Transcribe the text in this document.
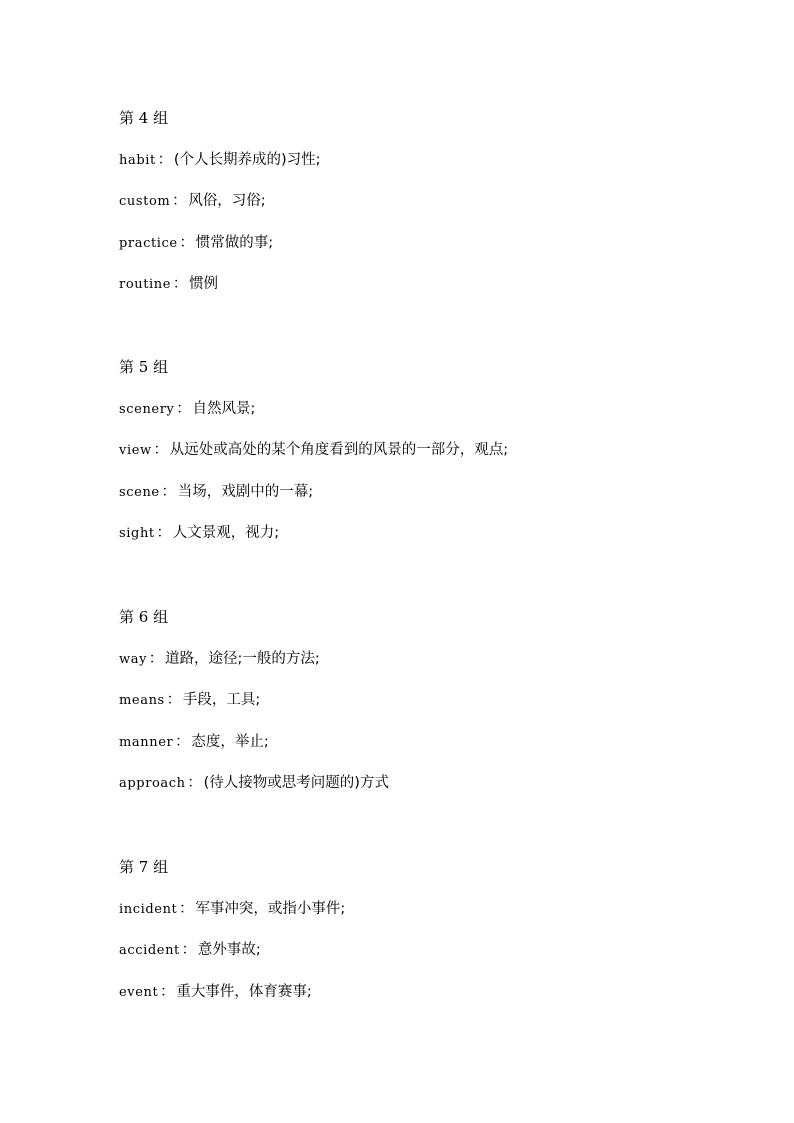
第 4 组
habit ： (个人长期养成的)习性;
custom ： 风俗，习俗;
practice ： 惯常做的事;
routine ： 惯例
第 5 组
scenery ： 自然风景;
view ： 从远处或高处的某个角度看到的风景的一部分，观点;
scene ： 当场，戏剧中的一幕;
sight ： 人文景观，视力;
第 6 组
way ： 道路，途径;一般的方法;
means ： 手段，工具;
manner ： 态度，举止;
approach ： (待人接物或思考问题的)方式
第 7 组
incident ： 军事冲突，或指小事件;
accident ： 意外事故;
event ： 重大事件，体育赛事;
